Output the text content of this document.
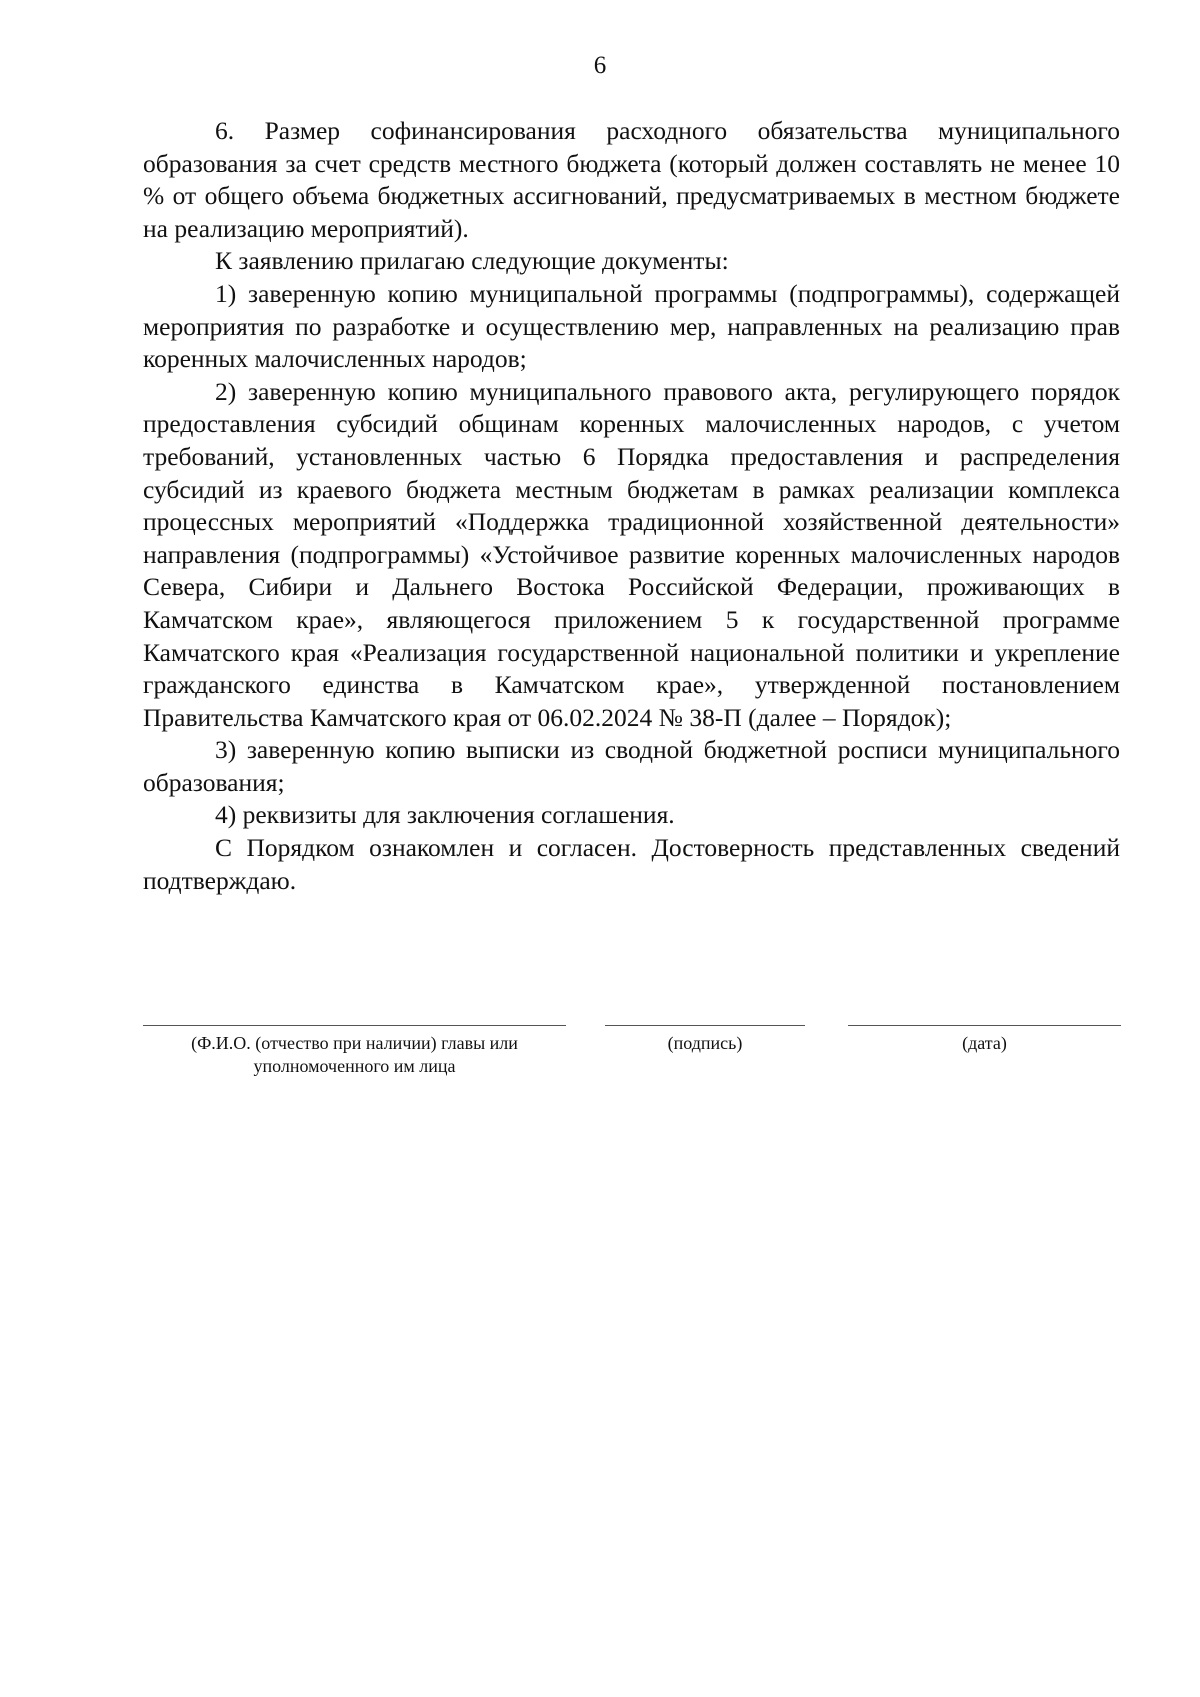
6

6. Размер софинансирования расходного обязательства муниципального образования за счет средств местного бюджета (который должен составлять не менее 10 % от общего объема бюджетных ассигнований, предусматриваемых в местном бюджете на реализацию мероприятий).

К заявлению прилагаю следующие документы:

1) заверенную копию муниципальной программы (подпрограммы), содержащей мероприятия по разработке и осуществлению мер, направленных на реализацию прав коренных малочисленных народов;

2) заверенную копию муниципального правового акта, регулирующего порядок предоставления субсидий общинам коренных малочисленных народов, с учетом требований, установленных частью 6 Порядка предоставления и распределения субсидий из краевого бюджета местным бюджетам в рамках реализации комплекса процессных мероприятий «Поддержка традиционной хозяйственной деятельности» направления (подпрограммы) «Устойчивое развитие коренных малочисленных народов Севера, Сибири и Дальнего Востока Российской Федерации, проживающих в Камчатском крае», являющегося приложением 5 к государственной программе Камчатского края «Реализация государственной национальной политики и укрепление гражданского единства в Камчатском крае», утвержденной постановлением Правительства Камчатского края от 06.02.2024 № 38-П (далее – Порядок);

3) заверенную копию выписки из сводной бюджетной росписи муниципального образования;

4) реквизиты для заключения соглашения.

С Порядком ознакомлен и согласен. Достоверность представленных сведений подтверждаю.

(Ф.И.О. (отчество при наличии) главы или
уполномоченного им лица
(подпись)	(дата)
